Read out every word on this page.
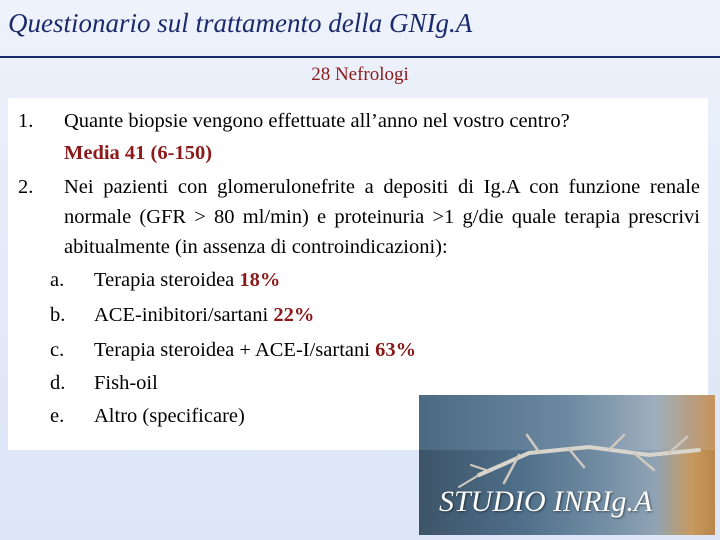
Questionario sul trattamento della GNIg.A
28 Nefrologi
1. Quante biopsie vengono effettuate all’anno nel vostro centro?
Media 41 (6-150)
2. Nei pazienti con glomerulonefrite a depositi di Ig.A con funzione renale normale (GFR > 80 ml/min) e proteinuria >1 g/die quale terapia prescrivi abitualmente (in assenza di controindicazioni):
a. Terapia steroidea 18%
b. ACE-inibitori/sartani 22%
c. Terapia steroidea + ACE-I/sartani 63%
d. Fish-oil
e. Altro (specificare)
STUDIO INRIg.A
